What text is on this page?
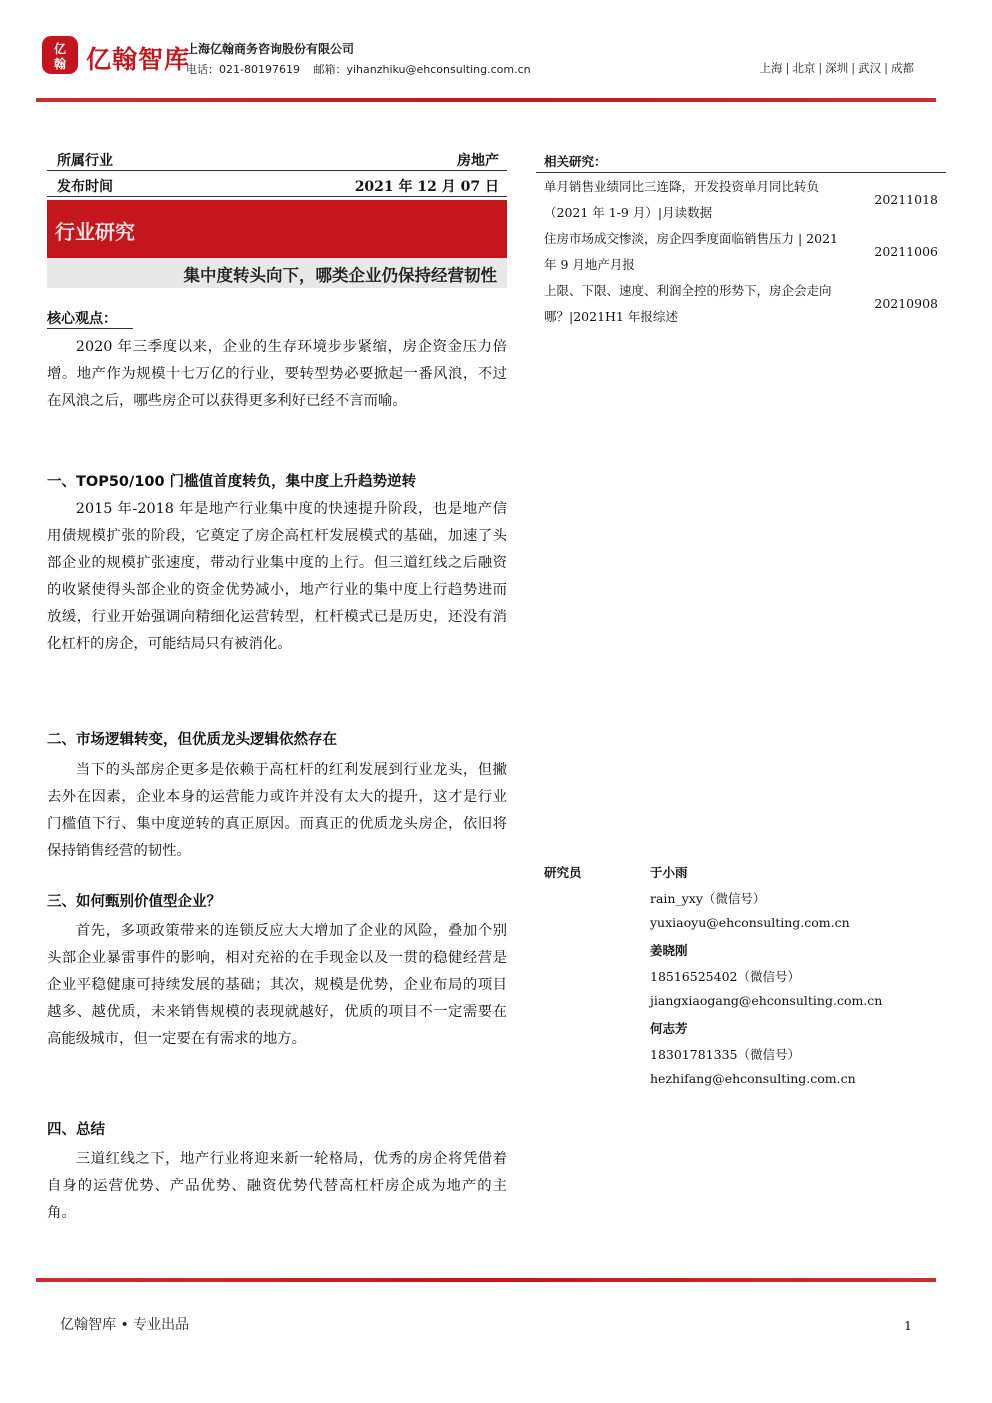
亿
翰 亿翰智库
上海亿翰商务咨询股份有限公司
电话：021-80197619 邮箱：yihanzhiku@ehconsulting.com.cn	上海 | 北京 | 深圳 | 武汉 | 成都
所属行业	房地产
发布时间	2021 年 12 月 07 日
行业研究
集中度转头向下，哪类企业仍保持经营韧性
核心观点：

2020 年三季度以来，企业的生存环境步步紧缩，房企资金压力倍增。地产作为规模十七万亿的行业，要转型势必要掀起一番风浪，不过在风浪之后，哪些房企可以获得更多利好已经不言而喻。

一、TOP50/100 门槛值首度转负，集中度上升趋势逆转

2015 年-2018 年是地产行业集中度的快速提升阶段，也是地产信用债规模扩张的阶段，它奠定了房企高杠杆发展模式的基础，加速了头部企业的规模扩张速度，带动行业集中度的上行。但三道红线之后融资的收紧使得头部企业的资金优势减小，地产行业的集中度上行趋势进而放缓，行业开始强调向精细化运营转型，杠杆模式已是历史，还没有消化杠杆的房企，可能结局只有被消化。

二、市场逻辑转变，但优质龙头逻辑依然存在

当下的头部房企更多是依赖于高杠杆的红利发展到行业龙头，但撇去外在因素，企业本身的运营能力或许并没有太大的提升，这才是行业门槛值下行、集中度逆转的真正原因。而真正的优质龙头房企，依旧将保持销售经营的韧性。

三、如何甄别价值型企业？

首先，多项政策带来的连锁反应大大增加了企业的风险，叠加个别头部企业暴雷事件的影响，相对充裕的在手现金以及一贯的稳健经营是企业平稳健康可持续发展的基础；其次，规模是优势，企业布局的项目越多、越优质，未来销售规模的表现就越好，优质的项目不一定需要在高能级城市，但一定要在有需求的地方。

四、总结

三道红线之下，地产行业将迎来新一轮格局，优秀的房企将凭借着自身的运营优势、产品优势、融资优势代替高杠杆房企成为地产的主角。

相关研究：
单月销售业绩同比三连降，开发投资单月同比转负（2021 年 1-9 月）|月读数据
20211018
住房市场成交惨淡，房企四季度面临销售压力 | 2021 年 9 月地产月报
20211006
上限、下限、速度、利润全控的形势下，房企会走向哪？|2021H1 年报综述
20210908
研究员	于小雨
rain_yxy（微信号）
yuxiaoyu@ehconsulting.com.cn
姜晓刚
18516525402（微信号）
jiangxiaogang@ehconsulting.com.cn
何志芳
18301781335（微信号）
hezhifang@ehconsulting.com.cn
亿翰智库 • 专业出品	1
